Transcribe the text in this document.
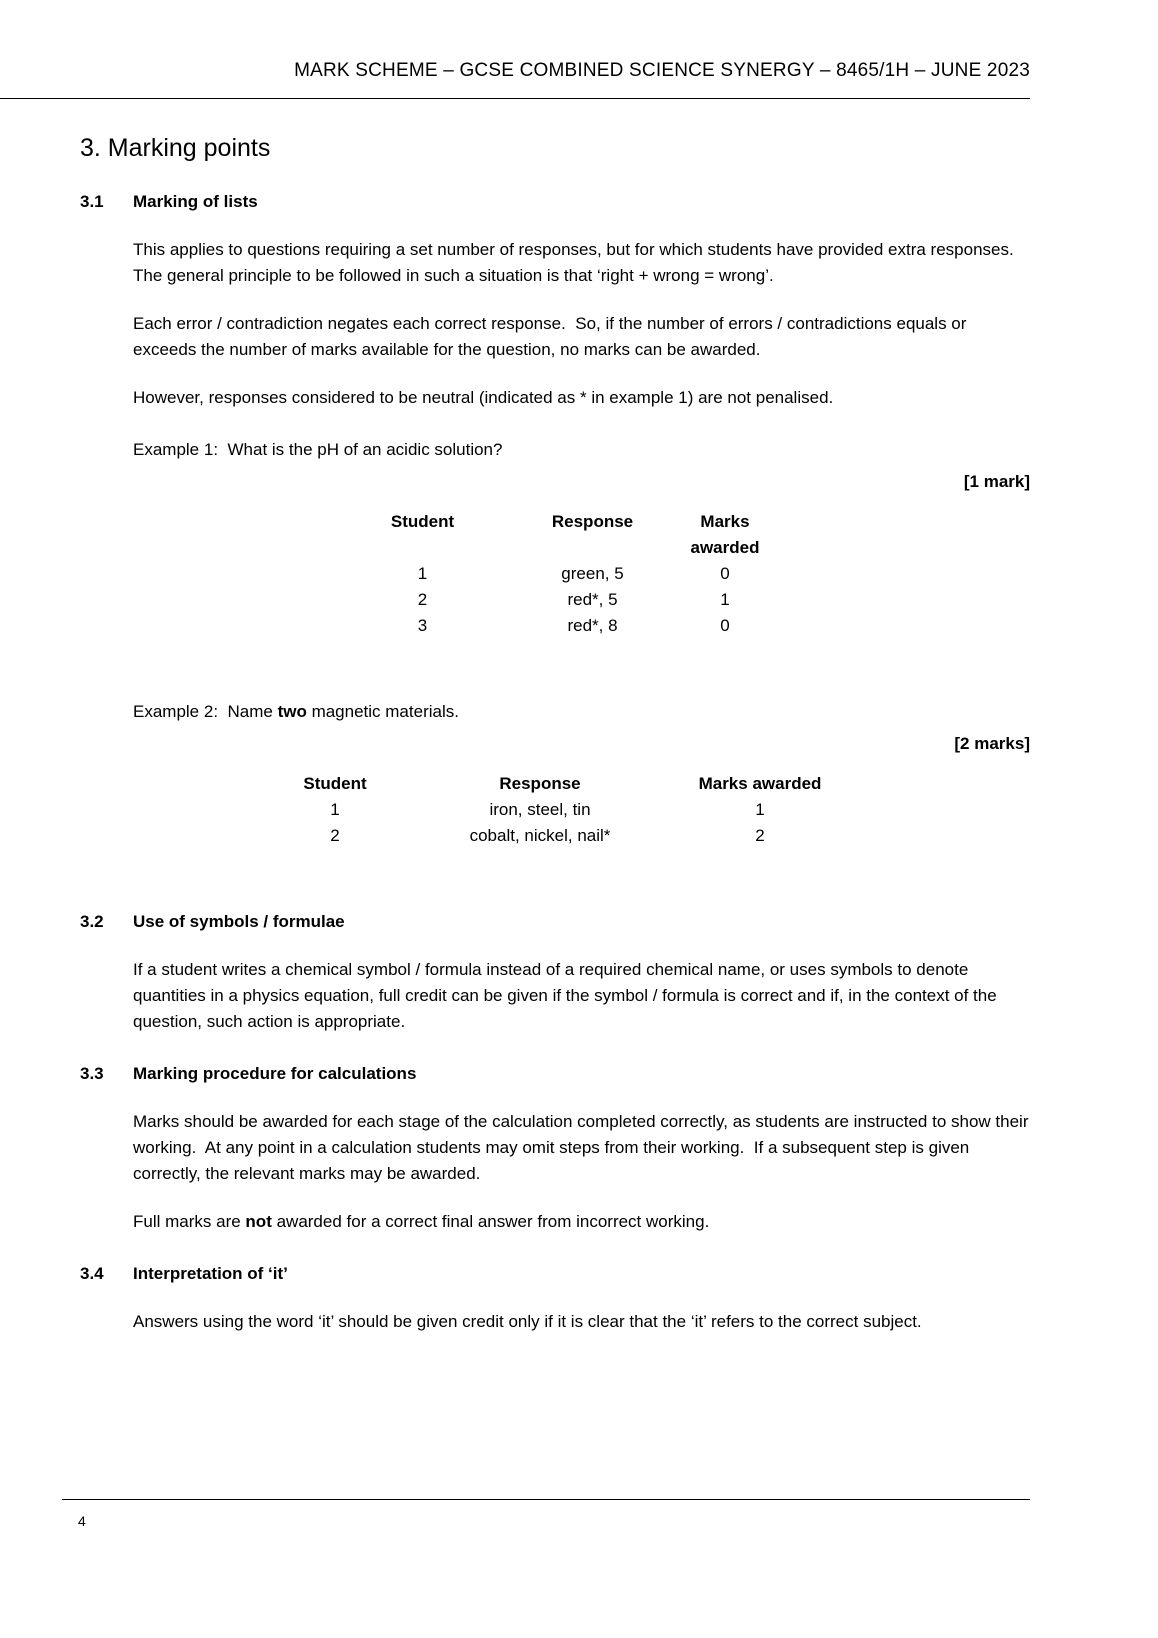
MARK SCHEME – GCSE COMBINED SCIENCE SYNERGY – 8465/1H – JUNE 2023
3. Marking points
3.1	Marking of lists

This applies to questions requiring a set number of responses, but for which students have provided extra responses.  The general principle to be followed in such a situation is that ‘right + wrong = wrong’.

Each error / contradiction negates each correct response.  So, if the number of errors / contradictions equals or exceeds the number of marks available for the question, no marks can be awarded.

However, responses considered to be neutral (indicated as * in example 1) are not penalised.

Example 1:  What is the pH of an acidic solution?
[1 mark]
Student	Response	Marks awarded
1	green, 5	0
2	red*, 5	1
3	red*, 8	0
Example 2:  Name two magnetic materials.
[2 marks]
Student	Response	Marks awarded
1	iron, steel, tin	1
2	cobalt, nickel, nail*	2
3.2	Use of symbols / formulae

If a student writes a chemical symbol / formula instead of a required chemical name, or uses symbols to denote quantities in a physics equation, full credit can be given if the symbol / formula is correct and if, in the context of the question, such action is appropriate.

3.3	Marking procedure for calculations

Marks should be awarded for each stage of the calculation completed correctly, as students are instructed to show their working.  At any point in a calculation students may omit steps from their working.  If a subsequent step is given correctly, the relevant marks may be awarded.

Full marks are not awarded for a correct final answer from incorrect working.

3.4	Interpretation of ‘it’

Answers using the word ‘it’ should be given credit only if it is clear that the ‘it’ refers to the correct subject.

4
